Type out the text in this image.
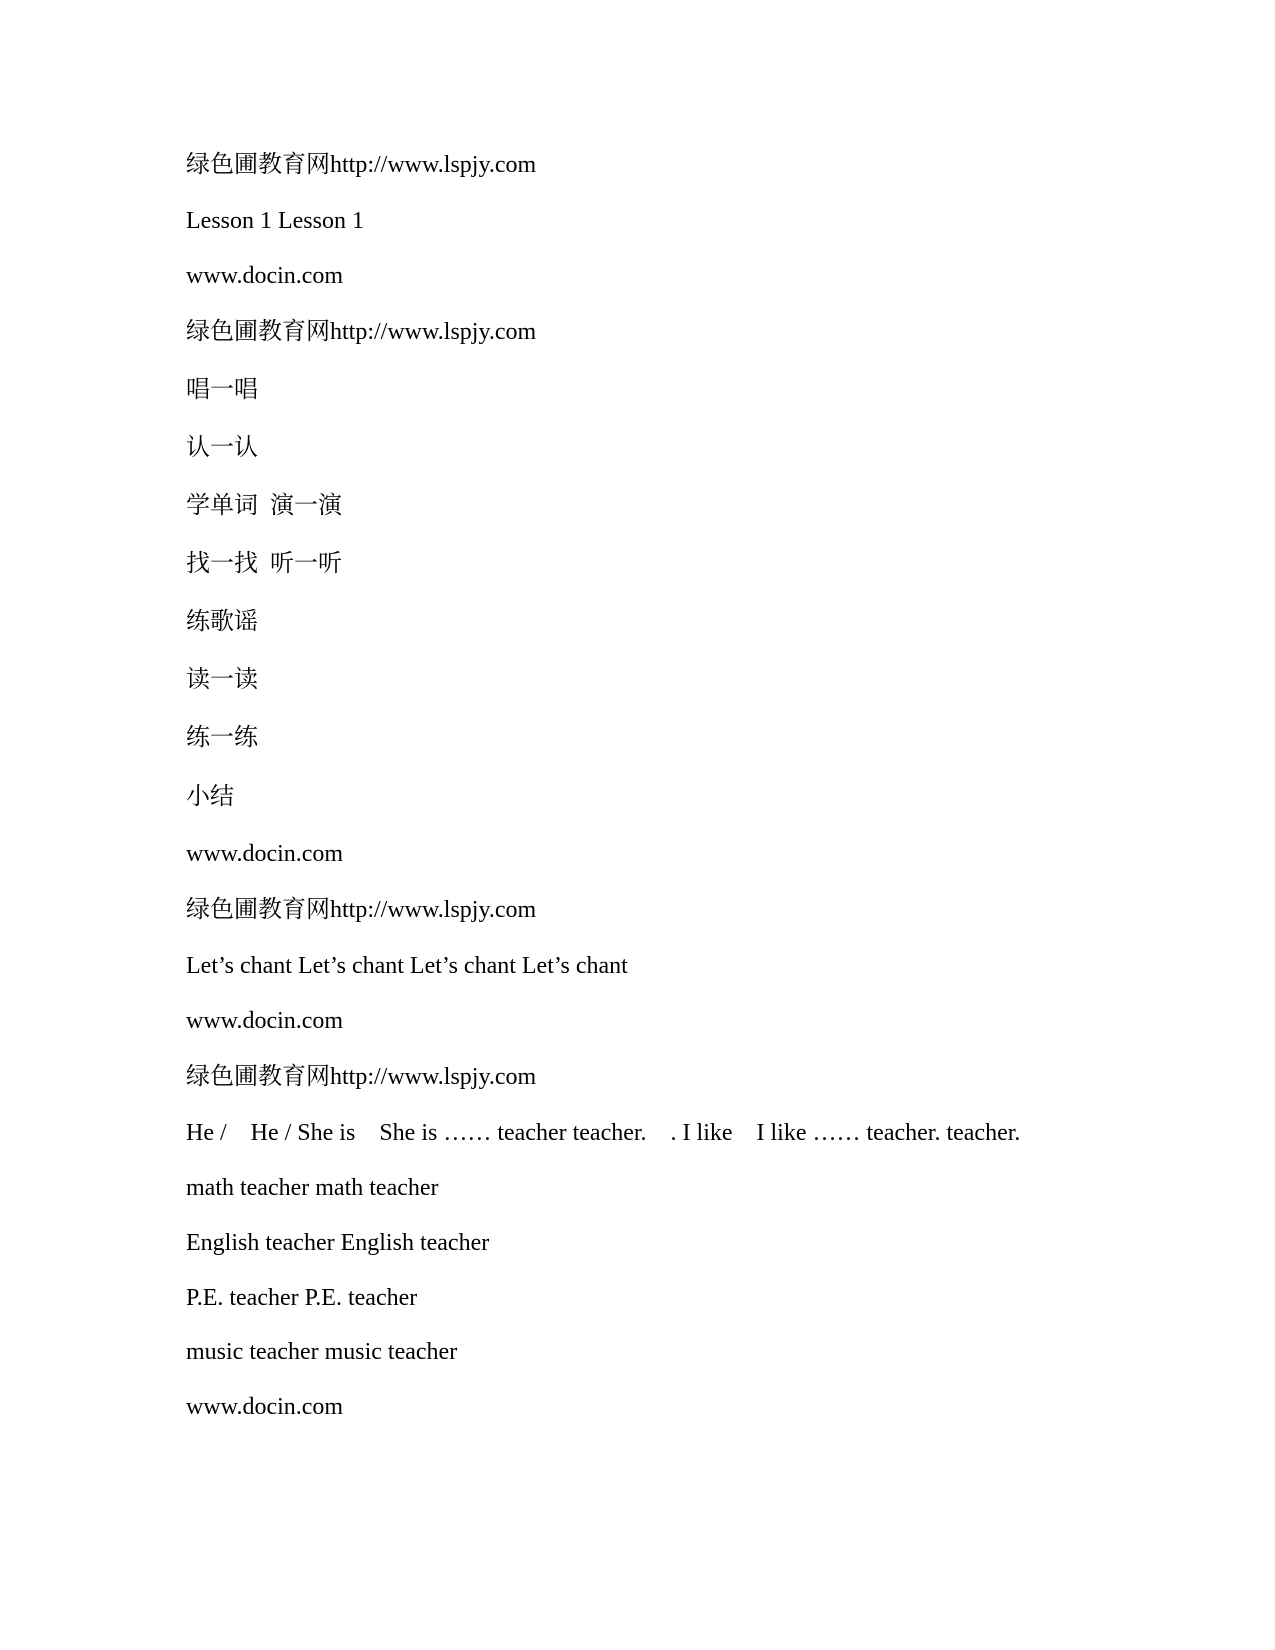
绿色圃教育网http://www.lspjy.com
Lesson 1 Lesson 1
www.docin.com
绿色圃教育网http://www.lspjy.com
唱一唱
认一认
学单词  演一演
找一找  听一听
练歌谣
读一读
练一练
小结
www.docin.com
绿色圃教育网http://www.lspjy.com
Let’s chant Let’s chant Let’s chant Let’s chant
www.docin.com
绿色圃教育网http://www.lspjy.com
He /    He / She is    She is …… teacher teacher.    . I like    I like …… teacher. teacher.
math teacher math teacher
English teacher English teacher
P.E. teacher P.E. teacher
music teacher music teacher
www.docin.com
